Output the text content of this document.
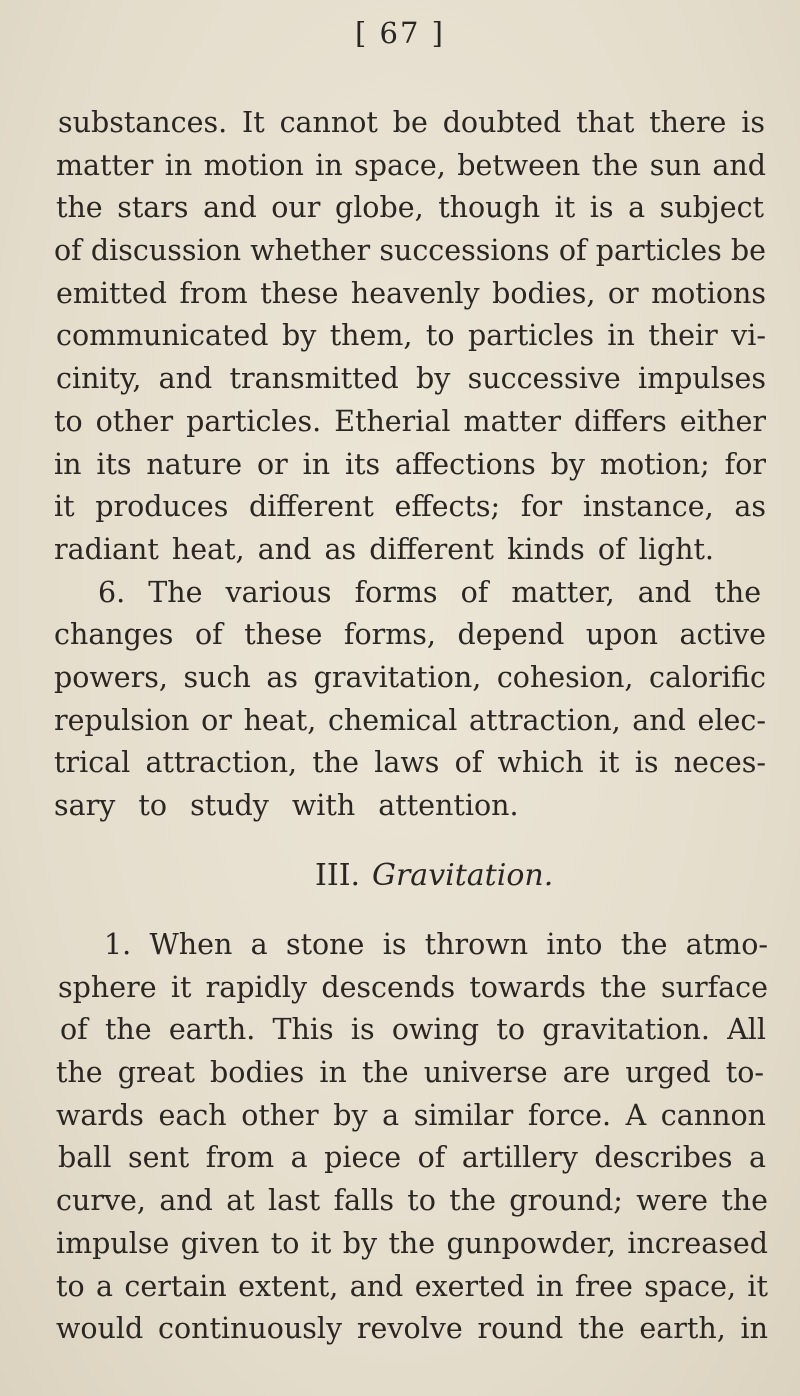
[ 67 ]
substances. It cannot be doubted that there is
matter in motion in space, between the sun and
the stars and our globe, though it is a subject
of discussion whether successions of particles be
emitted from these heavenly bodies, or motions
communicated by them, to particles in their vi-
cinity, and transmitted by successive impulses
to other particles. Etherial matter differs either
in its nature or in its affections by motion; for
it produces different effects; for instance, as
radiant heat, and as different kinds of light.
6. The various forms of matter, and the
changes of these forms, depend upon active
powers, such as gravitation, cohesion, calorific
repulsion or heat, chemical attraction, and elec-
trical attraction, the laws of which it is neces-
sary to study with attention.
III. Gravitation.
1. When a stone is thrown into the atmo-
sphere it rapidly descends towards the surface
of the earth. This is owing to gravitation. All
the great bodies in the universe are urged to-
wards each other by a similar force. A cannon
ball sent from a piece of artillery describes a
curve, and at last falls to the ground; were the
impulse given to it by the gunpowder, increased
to a certain extent, and exerted in free space, it
would continuously revolve round the earth, in
